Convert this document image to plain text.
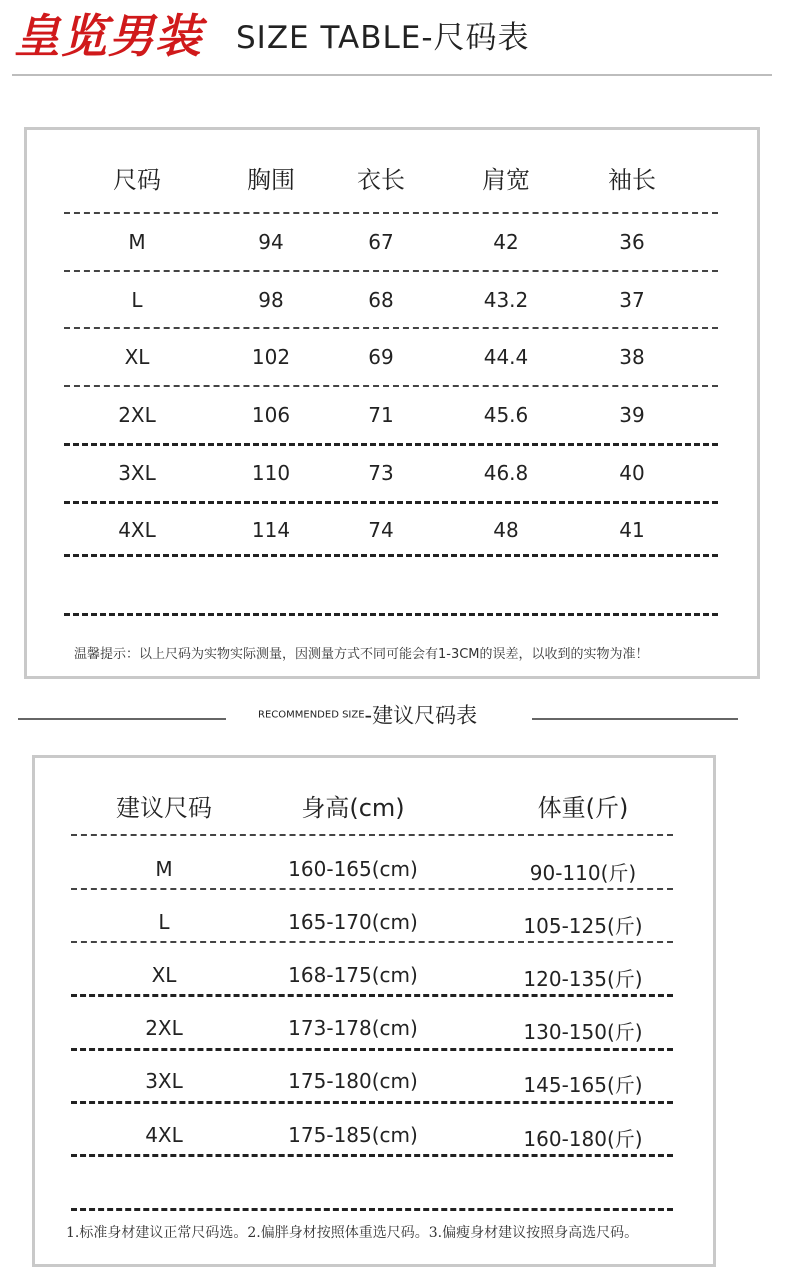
皇览男装 SIZE TABLE-尺码表
尺码	胸围	衣长	肩宽	袖长
M	94	67	42	36
L	98	68	43.2	37
XL	102	69	44.4	38
2XL	106	71	45.6	39
3XL	110	73	46.8	40
4XL	114	74	48	41
温馨提示：以上尺码为实物实际测量，因测量方式不同可能会有1-3CM的误差，以收到的实物为准！
RECOMMENDED SIZE-建议尺码表
建议尺码	身高(cm)	体重(斤)
M	160-165(cm)	90-110(斤)
L	165-170(cm)	105-125(斤)
XL	168-175(cm)	120-135(斤)
2XL	173-178(cm)	130-150(斤)
3XL	175-180(cm)	145-165(斤)
4XL	175-185(cm)	160-180(斤)
1.标准身材建议正常尺码选。2.偏胖身材按照体重选尺码。3.偏瘦身材建议按照身高选尺码。
